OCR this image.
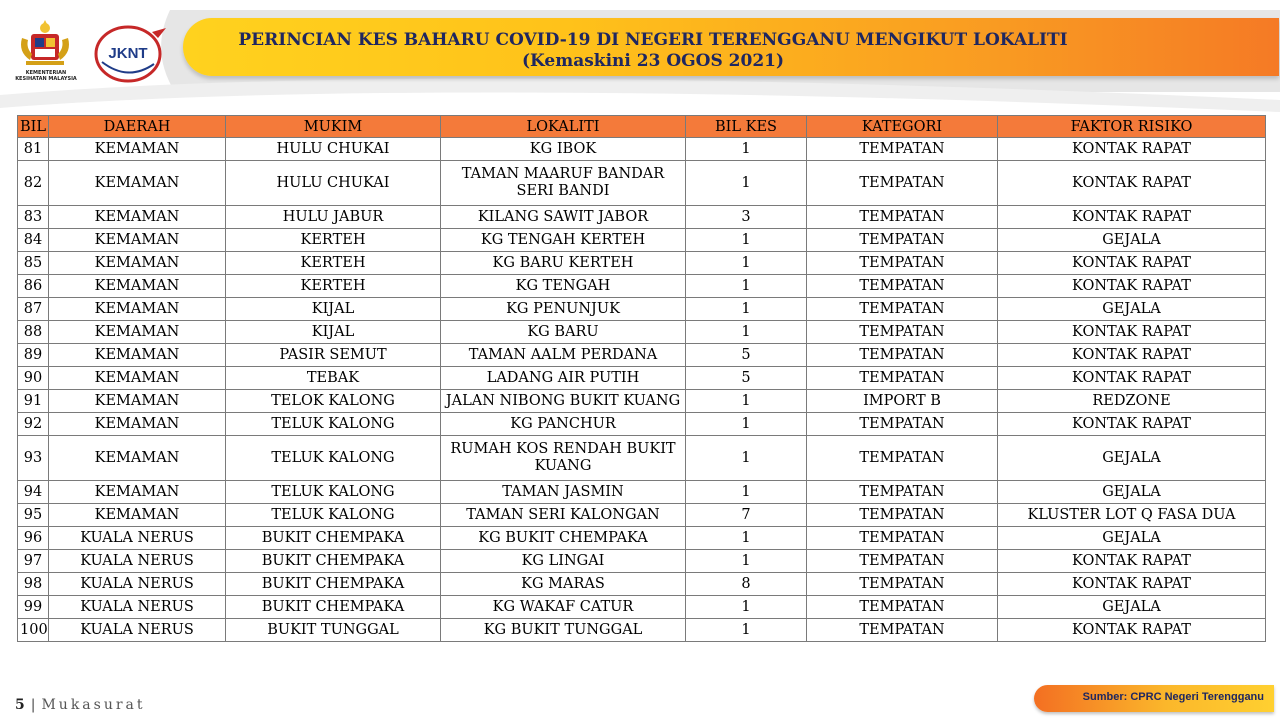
KEMENTERIAN KESIHATAN MALAYSIA
JKNT
PERINCIAN KES BAHARU COVID-19 DI NEGERI TERENGGANU MENGIKUT LOKALITI
(Kemaskini 23 OGOS 2021)
BIL	DAERAH	MUKIM	LOKALITI	BIL KES	KATEGORI	FAKTOR RISIKO
81	KEMAMAN	HULU CHUKAI	KG IBOK	1	TEMPATAN	KONTAK RAPAT
82	KEMAMAN	HULU CHUKAI	TAMAN MAARUF BANDAR SERI BANDI	1	TEMPATAN	KONTAK RAPAT
83	KEMAMAN	HULU JABUR	KILANG SAWIT JABOR	3	TEMPATAN	KONTAK RAPAT
84	KEMAMAN	KERTEH	KG TENGAH KERTEH	1	TEMPATAN	GEJALA
85	KEMAMAN	KERTEH	KG BARU KERTEH	1	TEMPATAN	KONTAK RAPAT
86	KEMAMAN	KERTEH	KG TENGAH	1	TEMPATAN	KONTAK RAPAT
87	KEMAMAN	KIJAL	KG PENUNJUK	1	TEMPATAN	GEJALA
88	KEMAMAN	KIJAL	KG BARU	1	TEMPATAN	KONTAK RAPAT
89	KEMAMAN	PASIR SEMUT	TAMAN AALM PERDANA	5	TEMPATAN	KONTAK RAPAT
90	KEMAMAN	TEBAK	LADANG AIR PUTIH	5	TEMPATAN	KONTAK RAPAT
91	KEMAMAN	TELOK KALONG	JALAN NIBONG BUKIT KUANG	1	IMPORT B	REDZONE
92	KEMAMAN	TELUK KALONG	KG PANCHUR	1	TEMPATAN	KONTAK RAPAT
93	KEMAMAN	TELUK KALONG	RUMAH KOS RENDAH BUKIT KUANG	1	TEMPATAN	GEJALA
94	KEMAMAN	TELUK KALONG	TAMAN JASMIN	1	TEMPATAN	GEJALA
95	KEMAMAN	TELUK KALONG	TAMAN SERI KALONGAN	7	TEMPATAN	KLUSTER LOT Q FASA DUA
96	KUALA NERUS	BUKIT CHEMPAKA	KG BUKIT CHEMPAKA	1	TEMPATAN	GEJALA
97	KUALA NERUS	BUKIT CHEMPAKA	KG LINGAI	1	TEMPATAN	KONTAK RAPAT
98	KUALA NERUS	BUKIT CHEMPAKA	KG MARAS	8	TEMPATAN	KONTAK RAPAT
99	KUALA NERUS	BUKIT CHEMPAKA	KG WAKAF CATUR	1	TEMPATAN	GEJALA
100	KUALA NERUS	BUKIT TUNGGAL	KG BUKIT TUNGGAL	1	TEMPATAN	KONTAK RAPAT
5 | Mukasurat	Sumber: CPRC Negeri Terengganu
